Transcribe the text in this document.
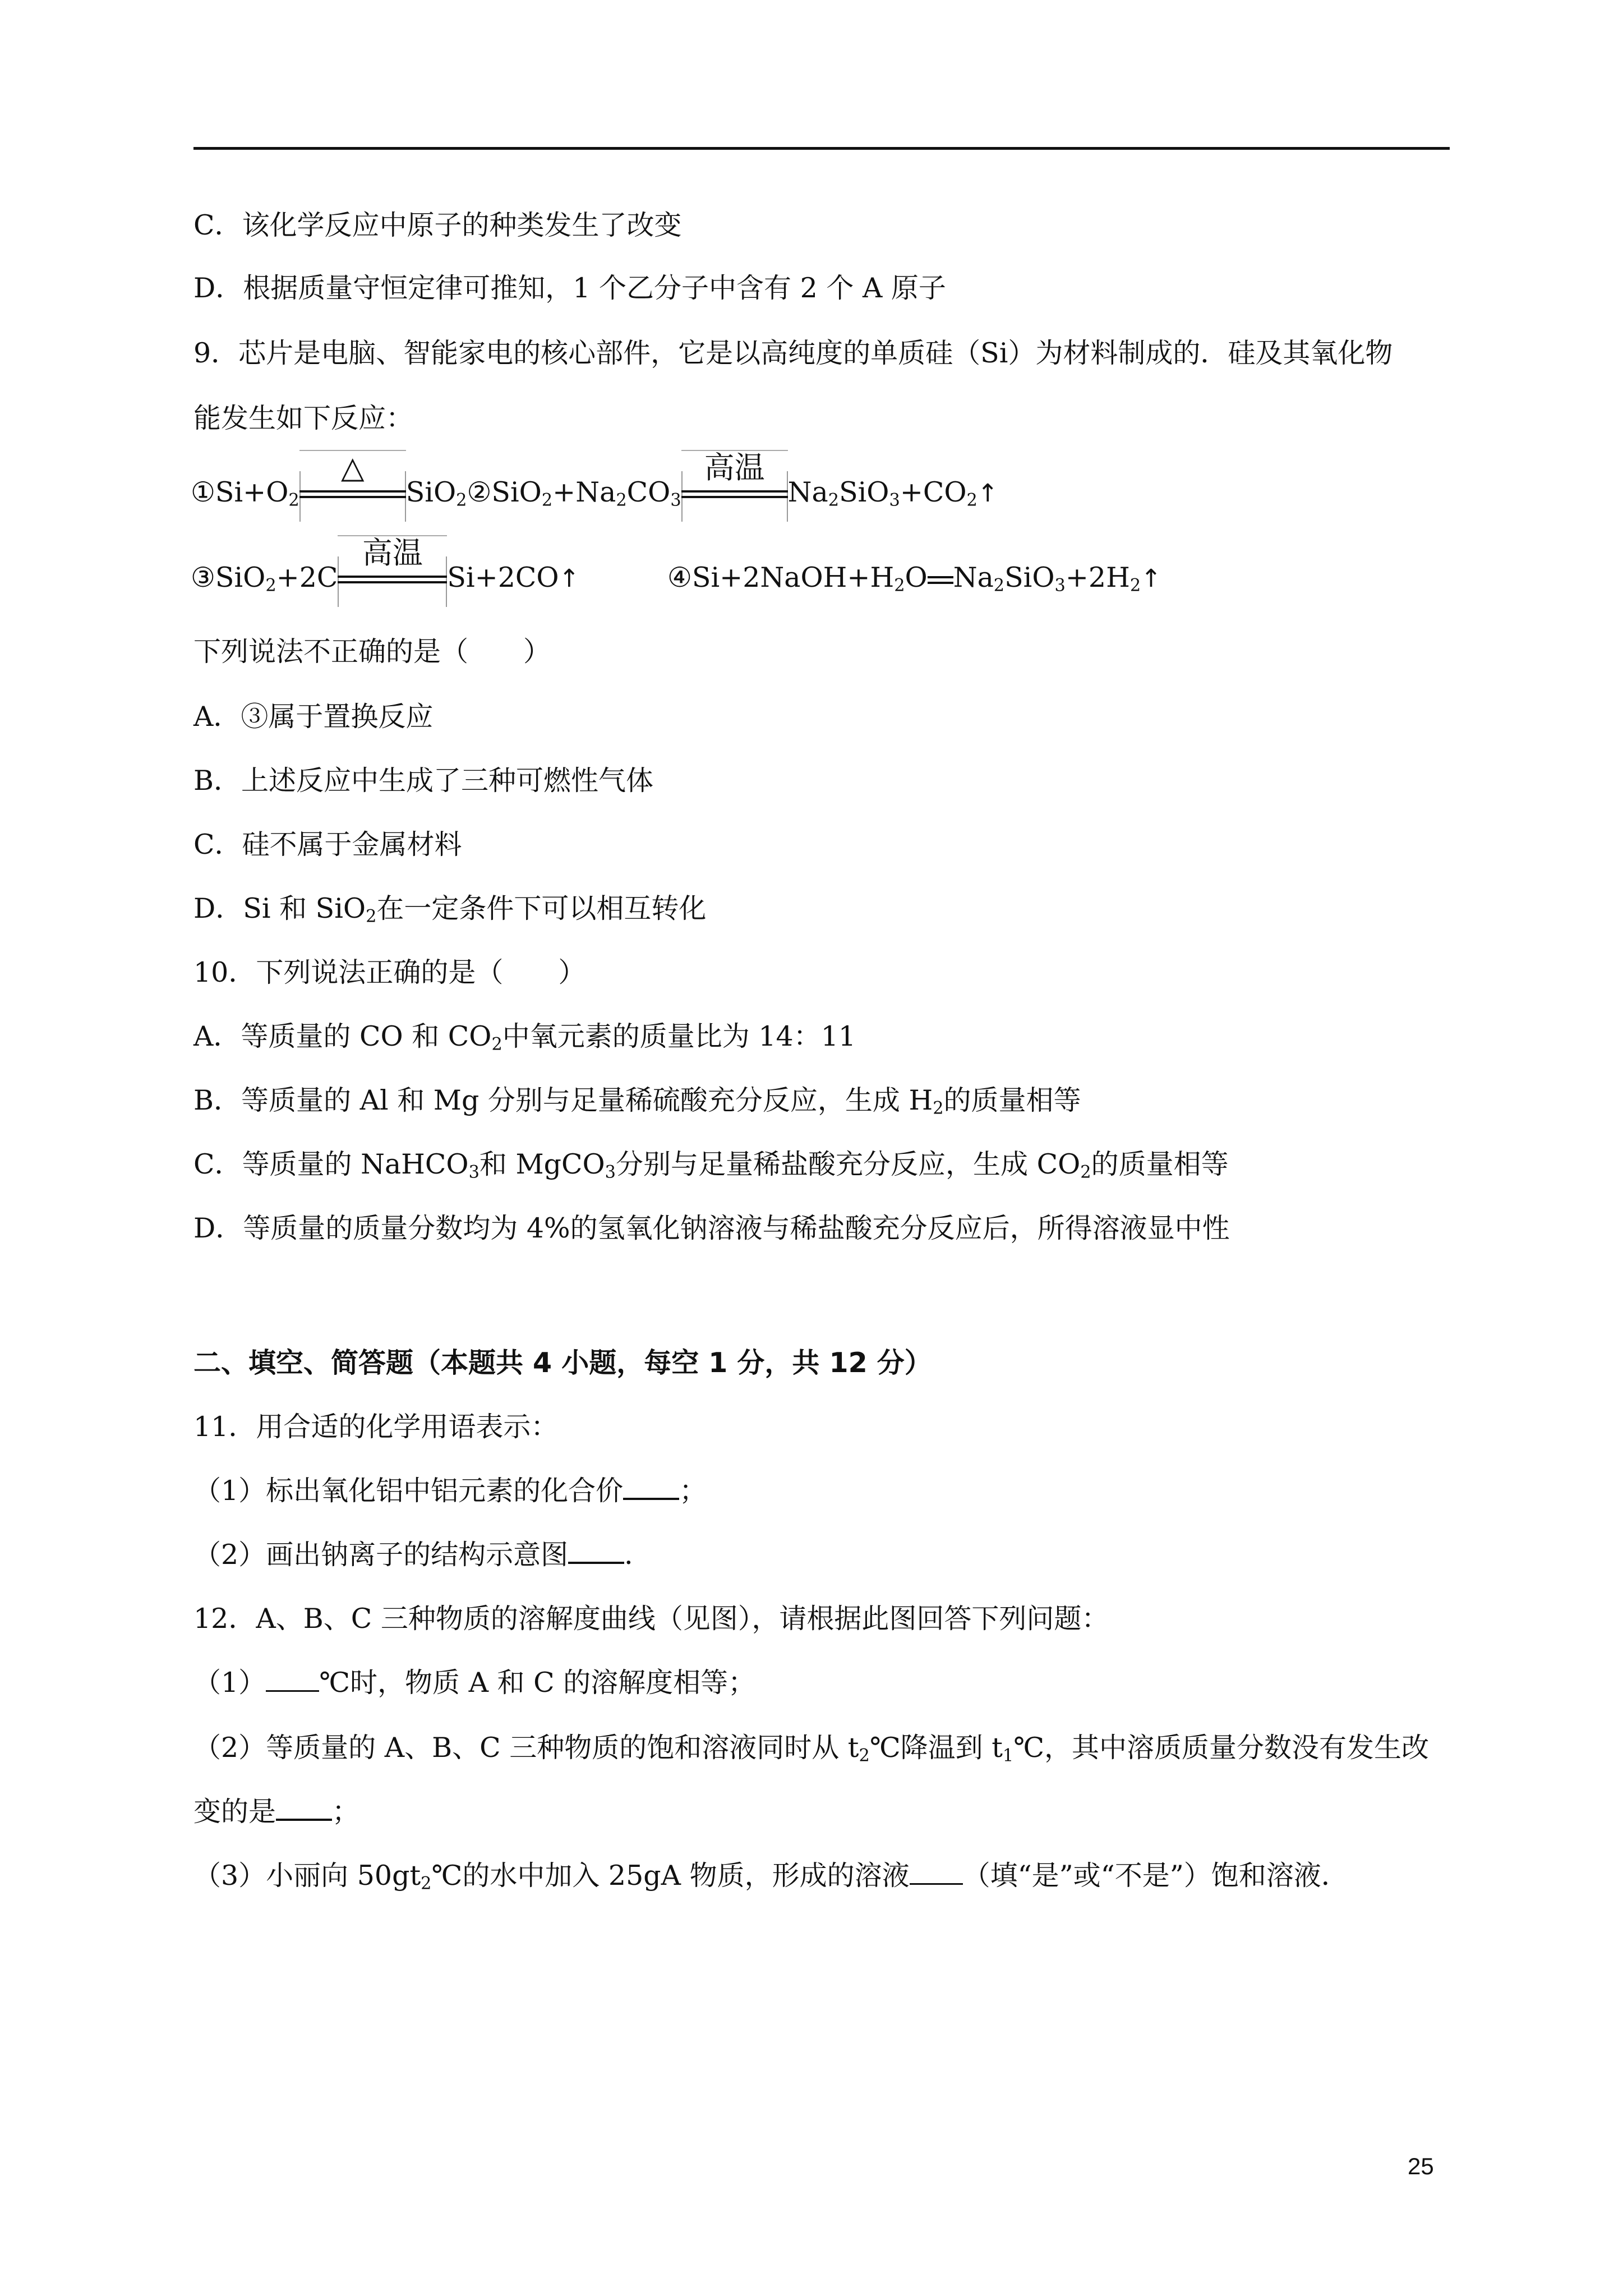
C．该化学反应中原子的种类发生了改变
D．根据质量守恒定律可推知，1 个乙分子中含有 2 个 A 原子
9．芯片是电脑、智能家电的核心部件，它是以高纯度的单质硅（Si）为材料制成的．硅及其氧化物
能发生如下反应：
$①Si+O_2$
△
$SiO_2②SiO_2+Na_2CO_3$
高温
$Na_2SiO_3+CO_2↑$
③SiO$_2$+2C
高温
Si+2CO↑	$④Si+2NaOH+H_2O$ $Na_2SiO_3+2H_2↑$
下列说法不正确的是（　　）
A．③属于置换反应
B．上述反应中生成了三种可燃性气体
C．硅不属于金属材料
D．Si 和 SiO$_2$在一定条件下可以相互转化
10．下列说法正确的是（　　）
A．等质量的 CO 和 $CO_2$中氧元素的质量比为 14：11
B．等质量的 Al 和 Mg 分别与足量稀硫酸充分反应，生成 $H_2$的质量相等
C．等质量的 NaHCO$_3$和 MgCO$_3$分别与足量稀盐酸充分反应，生成 $CO_2$的质量相等
D．等质量的质量分数均为 4%的氢氧化钠溶液与稀盐酸充分反应后，所得溶液显中性
二、填空、简答题（本题共 4 小题，每空 1 分，共 12 分）
11．用合适的化学用语表示：
（1）标出氧化铝中铝元素的化合价 ；
（2）画出钠离子的结构示意图 ．
12．A、B、C 三种物质的溶解度曲线（见图），请根据此图回答下列问题：
（1） ℃时，物质 A 和 C 的溶解度相等；
（2）等质量的 A、B、C 三种物质的饱和溶液同时从 $t_2℃$降温到 $t_1℃$，其中溶质质量分数没有发生改
变的是 ；
（3）小丽向 $50gt_2℃$的水中加入 25gA 物质，形成的溶液 （填“是”或“不是”）饱和溶液．
25
